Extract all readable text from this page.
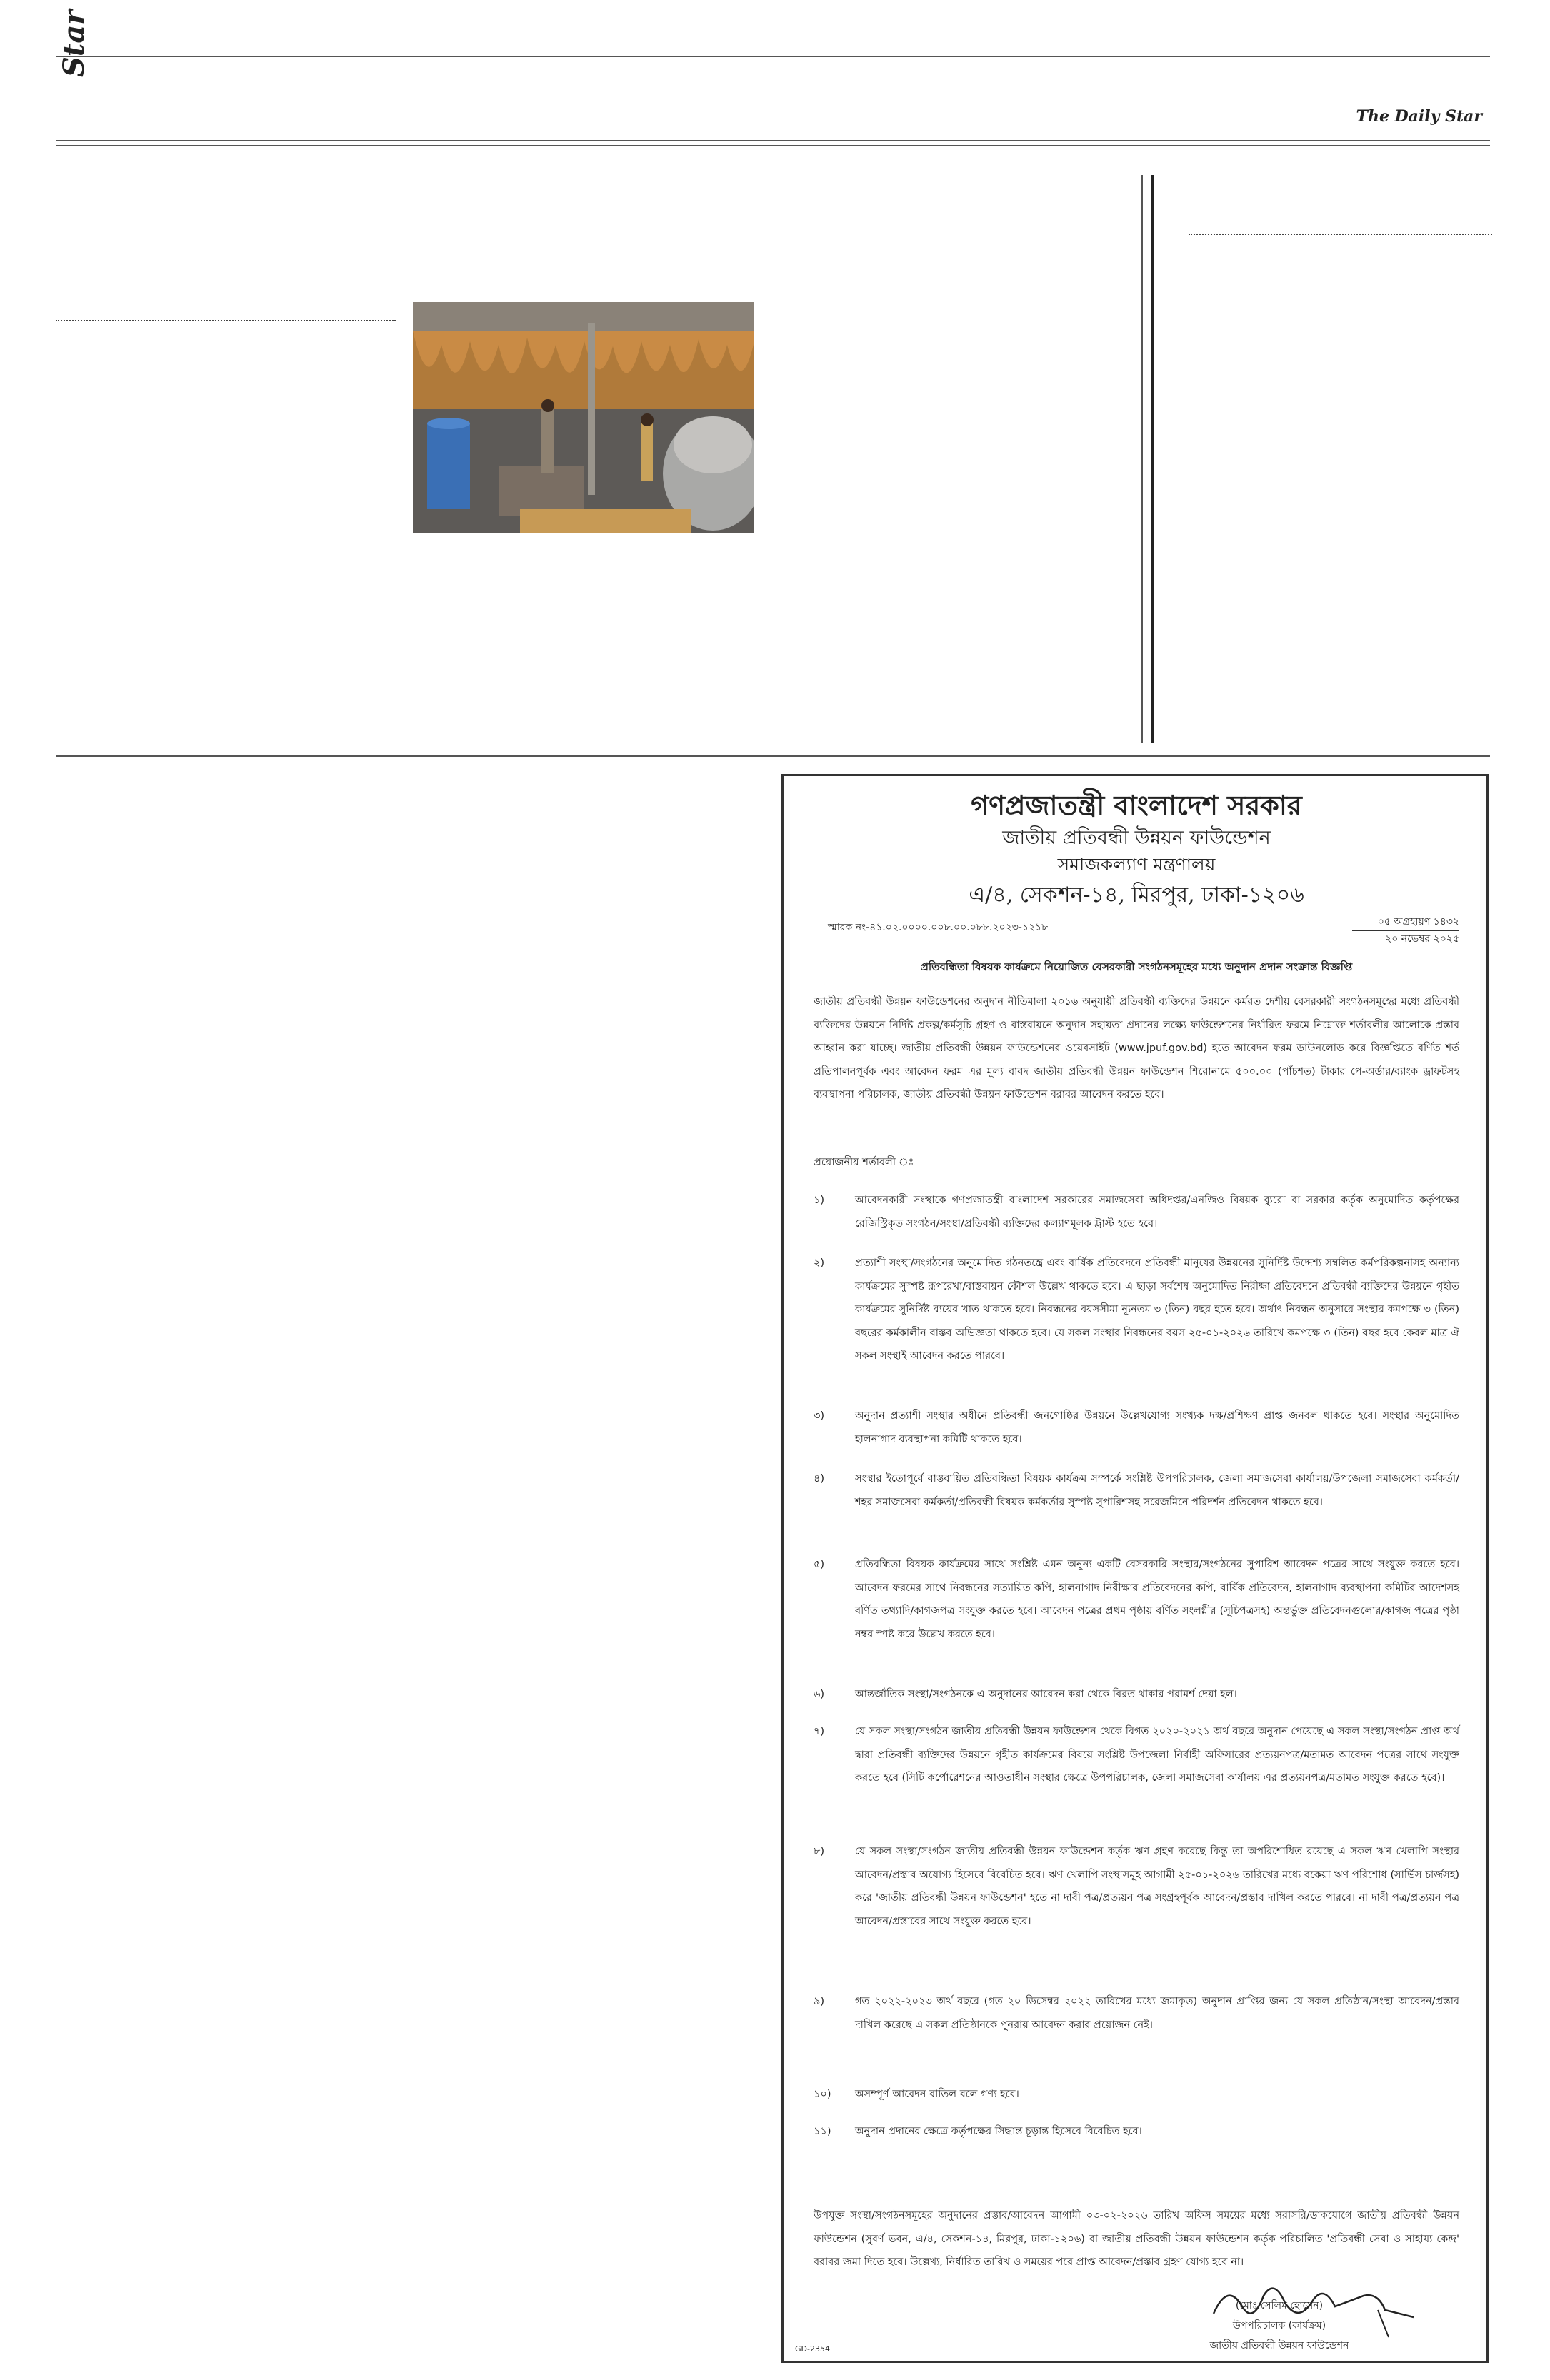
Star
The Daily Star
গণপ্রজাতন্ত্রী বাংলাদেশ সরকার
জাতীয় প্রতিবন্ধী উন্নয়ন ফাউন্ডেশন
সমাজকল্যাণ মন্ত্রণালয়
এ/৪, সেকশন-১৪, মিরপুর, ঢাকা-১২০৬
স্মারক নং-৪১.০২.০০০০.০০৮.০০.০৮৮.২০২৩-১২১৮	০৫ অগ্রহায়ণ ১৪৩২
২০ নভেম্বর ২০২৫
প্রতিবন্ধিতা বিষয়ক কার্যক্রমে নিয়োজিত বেসরকারী সংগঠনসমূহের মধ্যে অনুদান প্রদান সংক্রান্ত বিজ্ঞপ্তি
জাতীয় প্রতিবন্ধী উন্নয়ন ফাউন্ডেশনের অনুদান নীতিমালা ২০১৬ অনুযায়ী প্রতিবন্ধী ব্যক্তিদের উন্নয়নে কর্মরত দেশীয় বেসরকারী সংগঠনসমূহের মধ্যে প্রতিবন্ধী ব্যক্তিদের উন্নয়নে নির্দিষ্ট প্রকল্প/কর্মসূচি গ্রহণ ও বাস্তবায়নে অনুদান সহায়তা প্রদানের লক্ষ্যে ফাউন্ডেশনের নির্ধারিত ফরমে নিম্নোক্ত শর্তাবলীর আলোকে প্রস্তাব আহ্বান করা যাচ্ছে। জাতীয় প্রতিবন্ধী উন্নয়ন ফাউন্ডেশনের ওয়েবসাইট (www.jpuf.gov.bd) হতে আবেদন ফরম ডাউনলোড করে বিজ্ঞপ্তিতে বর্ণিত শর্ত প্রতিপালনপূর্বক এবং আবেদন ফরম এর মূল্য বাবদ জাতীয় প্রতিবন্ধী উন্নয়ন ফাউন্ডেশন শিরোনামে ৫০০.০০ (পাঁচশত) টাকার পে-অর্ডার/ব্যাংক ড্রাফটসহ ব্যবস্থাপনা পরিচালক, জাতীয় প্রতিবন্ধী উন্নয়ন ফাউন্ডেশন বরাবর আবেদন করতে হবে।
প্রয়োজনীয় শর্তাবলী ঃ
১)	আবেদনকারী সংস্থাকে গণপ্রজাতন্ত্রী বাংলাদেশ সরকারের সমাজসেবা অধিদপ্তর/এনজিও বিষয়ক ব্যুরো বা সরকার কর্তৃক অনুমোদিত কর্তৃপক্ষের রেজিস্ট্রিকৃত সংগঠন/সংস্থা/প্রতিবন্ধী ব্যক্তিদের কল্যাণমূলক ট্রাস্ট হতে হবে।
২)	প্রত্যাশী সংস্থা/সংগঠনের অনুমোদিত গঠনতন্ত্রে এবং বার্ষিক প্রতিবেদনে প্রতিবন্ধী মানুষের উন্নয়নের সুনির্দিষ্ট উদ্দেশ্য সম্বলিত কর্মপরিকল্পনাসহ অন্যান্য কার্যক্রমের সুস্পষ্ট রূপরেখা/বাস্তবায়ন কৌশল উল্লেখ থাকতে হবে। এ ছাড়া সর্বশেষ অনুমোদিত নিরীক্ষা প্রতিবেদনে প্রতিবন্ধী ব্যক্তিদের উন্নয়নে গৃহীত কার্যক্রমের সুনির্দিষ্ট ব্যয়ের খাত থাকতে হবে। নিবন্ধনের বয়সসীমা ন্যূনতম ৩ (তিন) বছর হতে হবে। অর্থাৎ নিবন্ধন অনুসারে সংস্থার কমপক্ষে ৩ (তিন) বছরের কর্মকালীন বাস্তব অভিজ্ঞতা থাকতে হবে। যে সকল সংস্থার নিবন্ধনের বয়স ২৫-০১-২০২৬ তারিখে কমপক্ষে ৩ (তিন) বছর হবে কেবল মাত্র ঐ সকল সংস্থাই আবেদন করতে পারবে।
৩)	অনুদান প্রত্যাশী সংস্থার অধীনে প্রতিবন্ধী জনগোষ্ঠির উন্নয়নে উল্লেখযোগ্য সংখ্যক দক্ষ/প্রশিক্ষণ প্রাপ্ত জনবল থাকতে হবে। সংস্থার অনুমোদিত হালনাগাদ ব্যবস্থাপনা কমিটি থাকতে হবে।
৪)	সংস্থার ইতোপূর্বে বাস্তবায়িত প্রতিবন্ধিতা বিষয়ক কার্যক্রম সম্পর্কে সংশ্লিষ্ট উপপরিচালক, জেলা সমাজসেবা কার্যালয়/উপজেলা সমাজসেবা কর্মকর্তা/শহর সমাজসেবা কর্মকর্তা/প্রতিবন্ধী বিষয়ক কর্মকর্তার সুস্পষ্ট সুপারিশসহ সরেজমিনে পরিদর্শন প্রতিবেদন থাকতে হবে।
৫)	প্রতিবন্ধিতা বিষয়ক কার্যক্রমের সাথে সংশ্লিষ্ট এমন অনুন্য একটি বেসরকারি সংস্থার/সংগঠনের সুপারিশ আবেদন পত্রের সাথে সংযুক্ত করতে হবে। আবেদন ফরমের সাথে নিবন্ধনের সত্যায়িত কপি, হালনাগাদ নিরীক্ষার প্রতিবেদনের কপি, বার্ষিক প্রতিবেদন, হালনাগাদ ব্যবস্থাপনা কমিটির আদেশসহ বর্ণিত তথ্যাদি/কাগজপত্র সংযুক্ত করতে হবে। আবেদন পত্রের প্রথম পৃষ্ঠায় বর্ণিত সংলগ্নীর (সূচিপত্রসহ) অন্তর্ভুক্ত প্রতিবেদনগুলোর/কাগজ পত্রের পৃষ্ঠা নম্বর স্পষ্ট করে উল্লেখ করতে হবে।
৬)	আন্তর্জাতিক সংস্থা/সংগঠনকে এ অনুদানের আবেদন করা থেকে বিরত থাকার পরামর্শ দেয়া হল।
৭)	যে সকল সংস্থা/সংগঠন জাতীয় প্রতিবন্ধী উন্নয়ন ফাউন্ডেশন থেকে বিগত ২০২০-২০২১ অর্থ বছরে অনুদান পেয়েছে এ সকল সংস্থা/সংগঠন প্রাপ্ত অর্থ দ্বারা প্রতিবন্ধী ব্যক্তিদের উন্নয়নে গৃহীত কার্যক্রমের বিষয়ে সংশ্লিষ্ট উপজেলা নির্বাহী অফিসারের প্রত্যয়নপত্র/মতামত আবেদন পত্রের সাথে সংযুক্ত করতে হবে (সিটি কর্পোরেশনের আওতাধীন সংস্থার ক্ষেত্রে উপপরিচালক, জেলা সমাজসেবা কার্যালয় এর প্রত্যয়নপত্র/মতামত সংযুক্ত করতে হবে)।
৮)	যে সকল সংস্থা/সংগঠন জাতীয় প্রতিবন্ধী উন্নয়ন ফাউন্ডেশন কর্তৃক ঋণ গ্রহণ করেছে কিন্তু তা অপরিশোধিত রয়েছে এ সকল ঋণ খেলাপি সংস্থার আবেদন/প্রস্তাব অযোগ্য হিসেবে বিবেচিত হবে। ঋণ খেলাপি সংস্থাসমূহ আগামী ২৫-০১-২০২৬ তারিখের মধ্যে বকেয়া ঋণ পরিশোধ (সার্ভিস চার্জসহ) করে 'জাতীয় প্রতিবন্ধী উন্নয়ন ফাউন্ডেশন' হতে না দাবী পত্র/প্রত্যয়ন পত্র সংগ্রহপূর্বক আবেদন/প্রস্তাব দাখিল করতে পারবে। না দাবী পত্র/প্রত্যয়ন পত্র আবেদন/প্রস্তাবের সাথে সংযুক্ত করতে হবে।
৯)	গত ২০২২-২০২৩ অর্থ বছরে (গত ২০ ডিসেম্বর ২০২২ তারিখের মধ্যে জমাকৃত) অনুদান প্রাপ্তির জন্য যে সকল প্রতিষ্ঠান/সংস্থা আবেদন/প্রস্তাব দাখিল করেছে এ সকল প্রতিষ্ঠানকে পুনরায় আবেদন করার প্রয়োজন নেই।
১০)	অসম্পূর্ণ আবেদন বাতিল বলে গণ্য হবে।
১১)	অনুদান প্রদানের ক্ষেত্রে কর্তৃপক্ষের সিদ্ধান্ত চূড়ান্ত হিসেবে বিবেচিত হবে।
উপযুক্ত সংস্থা/সংগঠনসমূহের অনুদানের প্রস্তাব/আবেদন আগামী ০৩-০২-২০২৬ তারিখ অফিস সময়ের মধ্যে সরাসরি/ডাকযোগে জাতীয় প্রতিবন্ধী উন্নয়ন ফাউন্ডেশন (সুবর্ণ ভবন, এ/৪, সেকশন-১৪, মিরপুর, ঢাকা-১২০৬) বা জাতীয় প্রতিবন্ধী উন্নয়ন ফাউন্ডেশন কর্তৃক পরিচালিত 'প্রতিবন্ধী সেবা ও সাহায্য কেন্দ্র' বরাবর জমা দিতে হবে। উল্লেখ্য, নির্ধারিত তারিখ ও সময়ের পরে প্রাপ্ত আবেদন/প্রস্তাব গ্রহণ যোগ্য হবে না।
(মোঃ সেলিম হোসেন)
উপপরিচালক (কার্যক্রম)
জাতীয় প্রতিবন্ধী উন্নয়ন ফাউন্ডেশন
GD-2354
